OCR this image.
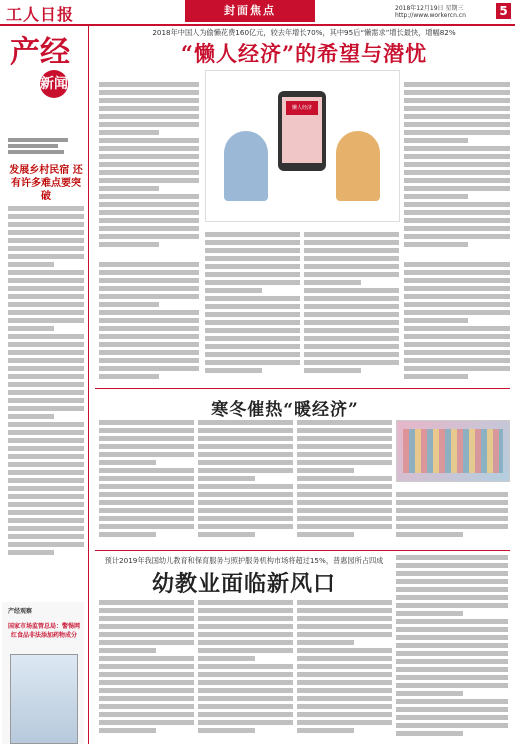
工人日报	封面焦点	2018年12月19日 星期三
http://www.workercn.cn	5
产经
新闻
发展乡村民宿 还有许多难点要突破
产经观察
国家市场监管总局：警惕网红食品非法添加药物成分
2018年中国人为偷懒花费160亿元，较去年增长70%，其中95后“懒需求”增长最快，增幅82%
“懒人经济”的希望与潜忧
懒人经济
寒冬催热“暖经济”
预计2019年我国幼儿教育和保育服务与照护服务机构市场将超过15%，普惠园所占四成
幼教业面临新风口
